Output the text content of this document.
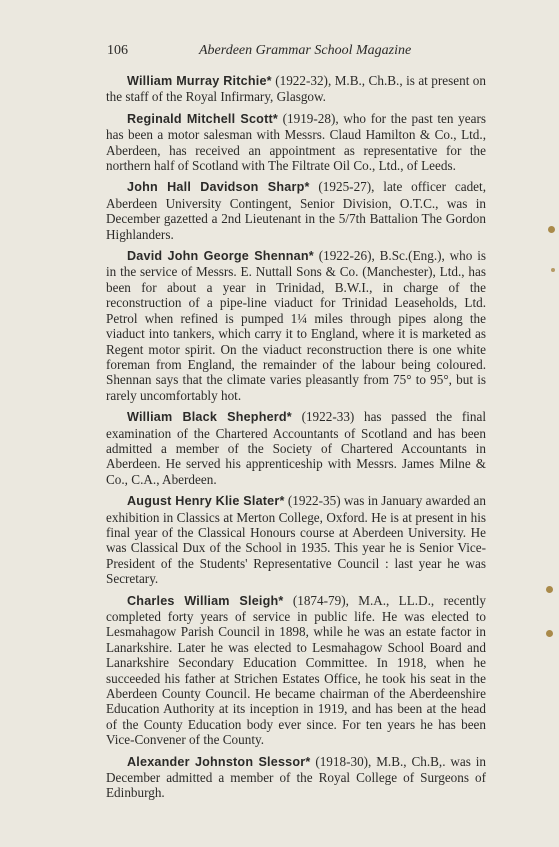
106	Aberdeen Grammar School Magazine

William Murray Ritchie* (1922-32), M.B., Ch.B., is at present on the staff of the Royal Infirmary, Glasgow.

Reginald Mitchell Scott* (1919-28), who for the past ten years has been a motor salesman with Messrs. Claud Hamilton & Co., Ltd., Aberdeen, has received an appointment as representative for the northern half of Scotland with The Filtrate Oil Co., Ltd., of Leeds.

John Hall Davidson Sharp* (1925-27), late officer cadet, Aberdeen University Contingent, Senior Division, O.T.C., was in December gazetted a 2nd Lieutenant in the 5/7th Battalion The Gordon Highlanders.

David John George Shennan* (1922-26), B.Sc.(Eng.), who is in the service of Messrs. E. Nuttall Sons & Co. (Manchester), Ltd., has been for about a year in Trinidad, B.W.I., in charge of the reconstruction of a pipe-line viaduct for Trinidad Leaseholds, Ltd. Petrol when refined is pumped 1¼ miles through pipes along the viaduct into tankers, which carry it to England, where it is marketed as Regent motor spirit. On the viaduct reconstruction there is one white foreman from England, the remainder of the labour being coloured. Shennan says that the climate varies pleasantly from 75° to 95°, but is rarely uncomfortably hot.

William Black Shepherd* (1922-33) has passed the final examination of the Chartered Accountants of Scotland and has been admitted a member of the Society of Chartered Accountants in Aberdeen. He served his apprenticeship with Messrs. James Milne & Co., C.A., Aberdeen.

August Henry Klie Slater* (1922-35) was in January awarded an exhibition in Classics at Merton College, Oxford. He is at present in his final year of the Classical Honours course at Aberdeen University. He was Classical Dux of the School in 1935. This year he is Senior Vice-President of the Students' Representative Council : last year he was Secretary.

Charles William Sleigh* (1874-79), M.A., LL.D., recently completed forty years of service in public life. He was elected to Lesmahagow Parish Council in 1898, while he was an estate factor in Lanarkshire. Later he was elected to Lesmahagow School Board and Lanarkshire Secondary Education Committee. In 1918, when he succeeded his father at Strichen Estates Office, he took his seat in the Aberdeen County Council. He became chairman of the Aberdeenshire Education Authority at its inception in 1919, and has been at the head of the County Education body ever since. For ten years he has been Vice-Convener of the County.

Alexander Johnston Slessor* (1918-30), M.B., Ch.B,. was in December admitted a member of the Royal College of Surgeons of Edinburgh.
